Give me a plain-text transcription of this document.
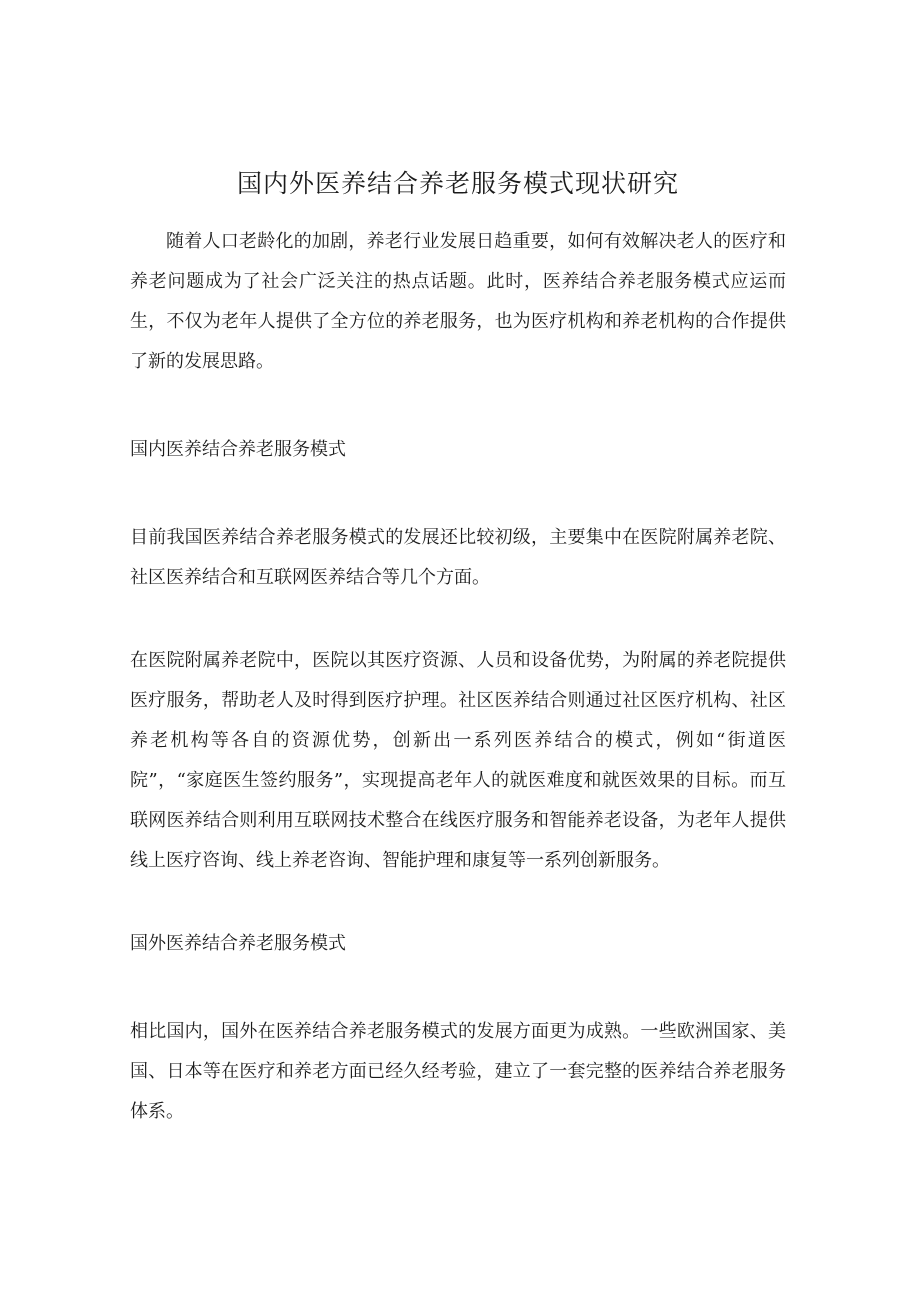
国内外医养结合养老服务模式现状研究

随着人口老龄化的加剧，养老行业发展日趋重要，如何有效解决老人的医疗和养老问题成为了社会广泛关注的热点话题。此时，医养结合养老服务模式应运而生，不仅为老年人提供了全方位的养老服务，也为医疗机构和养老机构的合作提供了新的发展思路。

国内医养结合养老服务模式

目前我国医养结合养老服务模式的发展还比较初级，主要集中在医院附属养老院、社区医养结合和互联网医养结合等几个方面。

在医院附属养老院中，医院以其医疗资源、人员和设备优势，为附属的养老院提供医疗服务，帮助老人及时得到医疗护理。社区医养结合则通过社区医疗机构、社区养老机构等各自的资源优势，创新出一系列医养结合的模式，例如“街道医院”，“家庭医生签约服务”，实现提高老年人的就医难度和就医效果的目标。而互联网医养结合则利用互联网技术整合在线医疗服务和智能养老设备，为老年人提供线上医疗咨询、线上养老咨询、智能护理和康复等一系列创新服务。

国外医养结合养老服务模式

相比国内，国外在医养结合养老服务模式的发展方面更为成熟。一些欧洲国家、美国、日本等在医疗和养老方面已经久经考验，建立了一套完整的医养结合养老服务体系。
